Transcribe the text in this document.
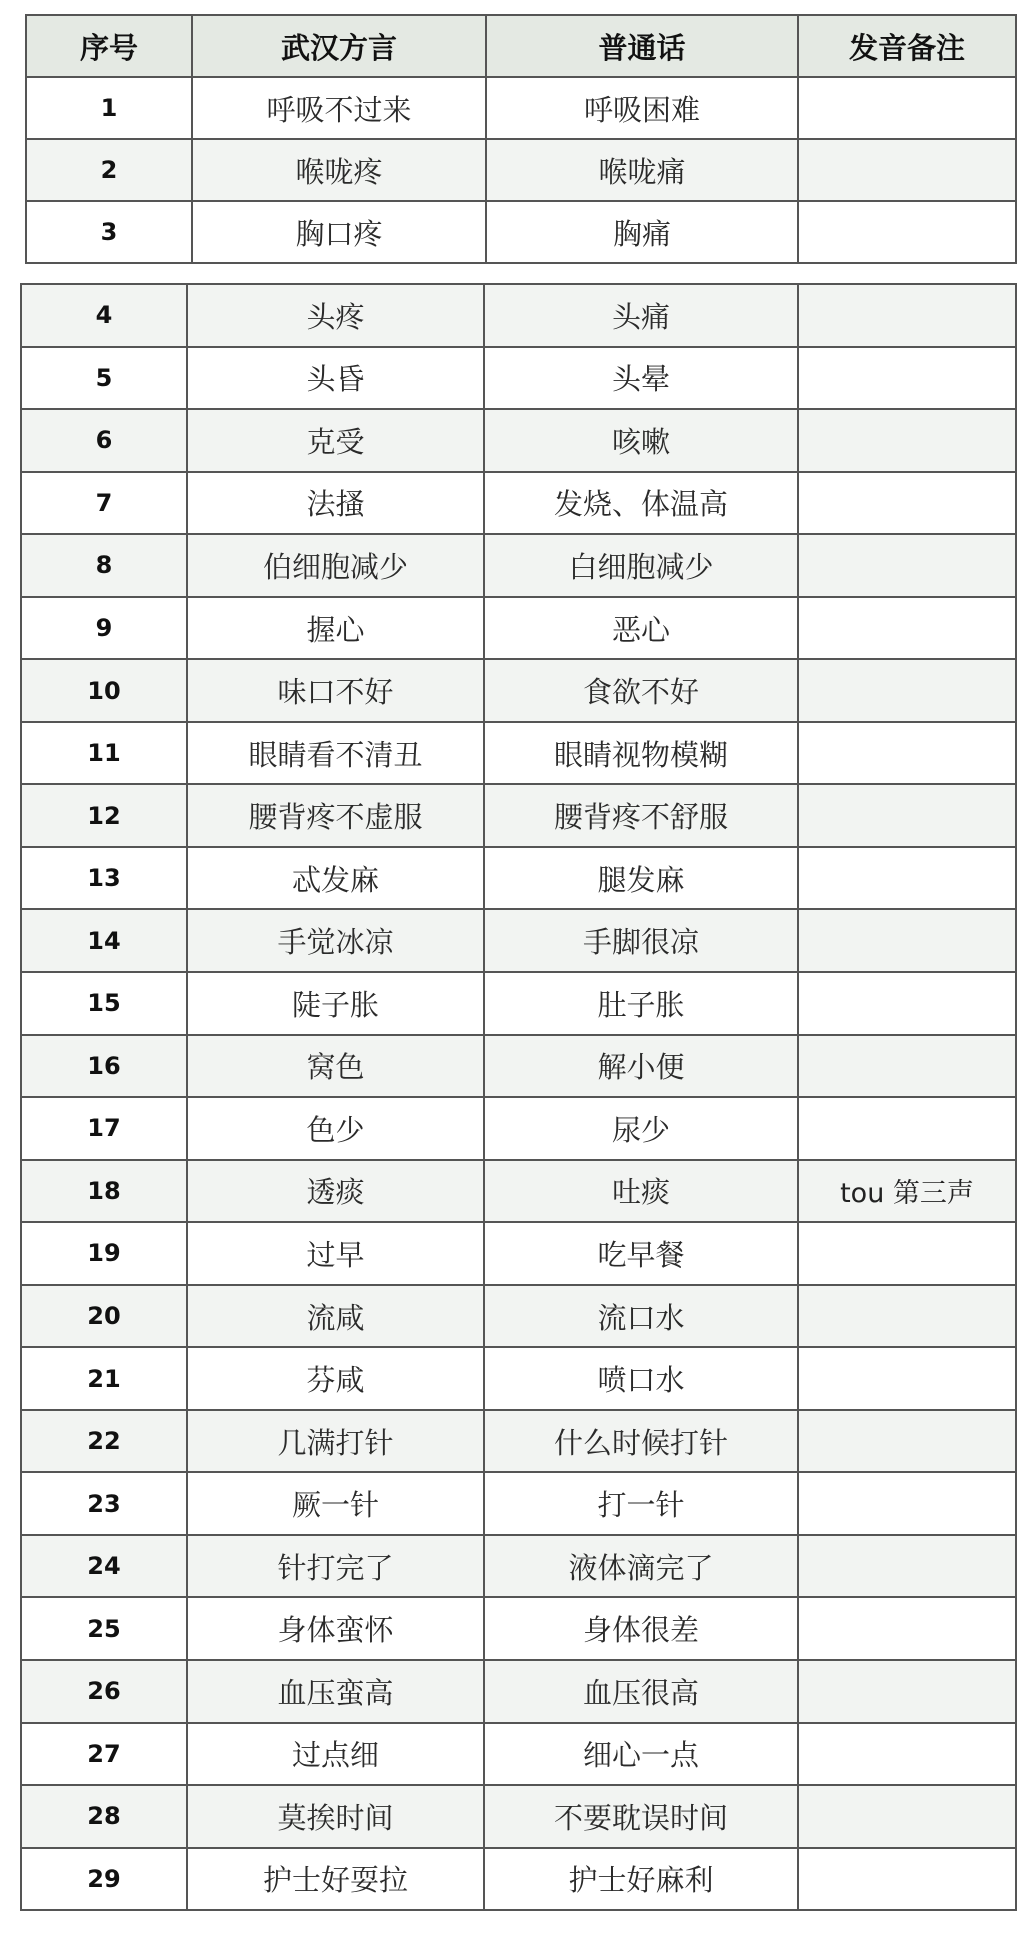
序号	武汉方言	普通话	发音备注
1	呼吸不过来	呼吸困难	
2	喉咙疼	喉咙痛	
3	胸口疼	胸痛	
4	头疼	头痛	
5	头昏	头晕	
6	克受	咳嗽	
7	法搔	发烧、体温高	
8	伯细胞减少	白细胞减少	
9	握心	恶心	
10	味口不好	食欲不好	
11	眼睛看不清丑	眼睛视物模糊	
12	腰背疼不虚服	腰背疼不舒服	
13	忒发麻	腿发麻	
14	手觉冰凉	手脚很凉	
15	陡子胀	肚子胀	
16	窝色	解小便	
17	色少	尿少	
18	透痰	吐痰	tou 第三声
19	过早	吃早餐	
20	流咸	流口水	
21	芬咸	喷口水	
22	几满打针	什么时候打针	
23	厥一针	打一针	
24	针打完了	液体滴完了	
25	身体蛮怀	身体很差	
26	血压蛮高	血压很高	
27	过点细	细心一点	
28	莫挨时间	不要耽误时间	
29	护士好耍拉	护士好麻利	
